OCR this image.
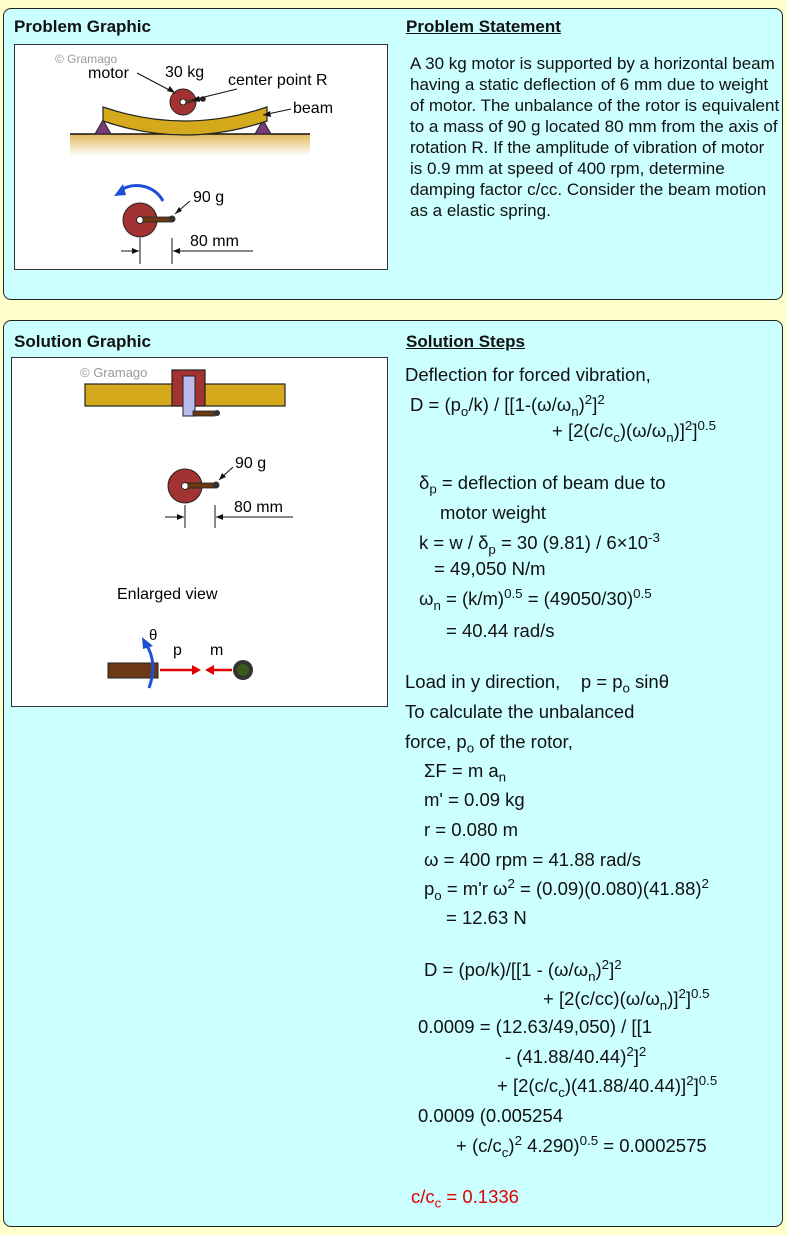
Problem Graphic	Problem Statement
© Gramago
motor 30 kg center point R
beam
90 g
80 mm
A 30 kg motor is supported by a horizontal beam having a static deflection of 6 mm due to weight of motor. The unbalance of the rotor is equivalent to a mass of 90 g located 80 mm from the axis of rotation R. If the amplitude of vibration of motor is 0.9 mm at speed of 400 rpm, determine damping factor c/cc. Consider the beam motion as a elastic spring.
Solution Graphic	Solution Steps
© Gramago
90 g
80 mm
Enlarged view
θ
p m
Deflection for forced vibration,
$D = (p_o/k) / [[1-(\omega/\omega_n)^2]^2$
+ $[2(c/c_c)(\omega/\omega_n)]^2]^{0.5}$
$\delta_p$ = deflection of beam due to
motor weight
$k = w / \delta_p = 30$ $(9.81) / 6\times 10^{-3}$
= 49,050 N/m
$\omega_n = (k/m)^{0.5} = (49050/30)^{0.5}$
= 40.44 rad/s
Load in y direction,    $p = p_o$ sinθ
To calculate the unbalanced
force, $p_o$ of the rotor,
ΣF = m $a_n$
m' = 0.09 kg
r = 0.080 m
ω = 400 rpm = 41.88 rad/s
$p_o = m'r$ $\omega^2 = (0.09)(0.080)(41.88)^2$
= 12.63 N
$D = (po/k)/[[1 - (\omega/\omega_n)^2]^2$
+ $[2(c/cc)(\omega/\omega_n)]^2]^{0.5}$
0.0009 = (12.63/49,050) / [[1
- $(41.88/40.44)^2]^2$
+ $[2(c/c_c)(41.88/40.44)]^2]^{0.5}$
0.0009 (0.005254
+ $(c/c_c)^2$ 4.290)$^{0.5}$ = 0.0002575
$c/c_c = 0.1336$
